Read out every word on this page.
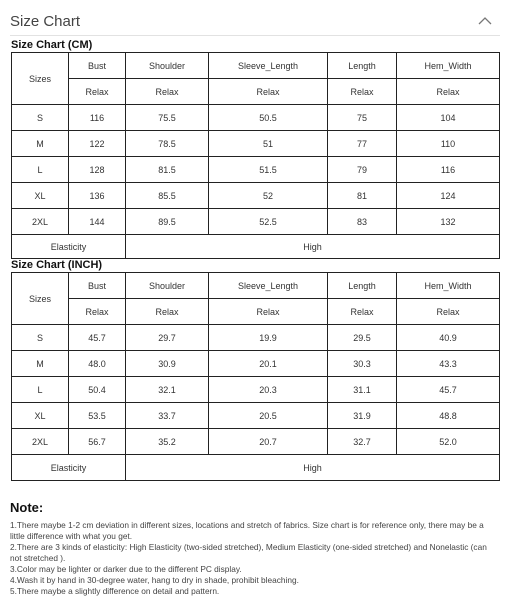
Size Chart
Size Chart (CM)
Sizes	Bust	Shoulder	Sleeve_Length	Length	Hem_Width
	Relax	Relax	Relax	Relax	Relax
S	116	75.5	50.5	75	104
M	122	78.5	51	77	110
L	128	81.5	51.5	79	116
XL	136	85.5	52	81	124
2XL	144	89.5	52.5	83	132
Elasticity		High			
Size Chart (INCH)
Sizes	Bust	Shoulder	Sleeve_Length	Length	Hem_Width
	Relax	Relax	Relax	Relax	Relax
S	45.7	29.7	19.9	29.5	40.9
M	48.0	30.9	20.1	30.3	43.3
L	50.4	32.1	20.3	31.1	45.7
XL	53.5	33.7	20.5	31.9	48.8
2XL	56.7	35.2	20.7	32.7	52.0
Elasticity		High			
Note:
1.There maybe 1-2 cm deviation in different sizes, locations and stretch of fabrics. Size chart is for reference only, there may be a little difference with what you get.
2.There are 3 kinds of elasticity: High Elasticity (two-sided stretched), Medium Elasticity (one-sided stretched) and Nonelastic (can not stretched ).
3.Color may be lighter or darker due to the different PC display.
4.Wash it by hand in 30-degree water, hang to dry in shade, prohibit bleaching.
5.There maybe a slightly difference on detail and pattern.
